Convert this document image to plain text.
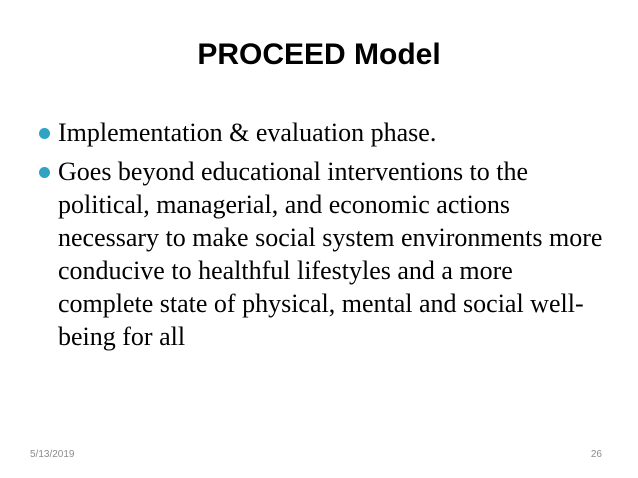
PROCEED Model
Implementation & evaluation phase.
Goes beyond educational interventions to the political, managerial, and economic actions necessary to make social system environments more conducive to healthful lifestyles and a more complete state of physical, mental and social well- being for all
5/13/2019	26
